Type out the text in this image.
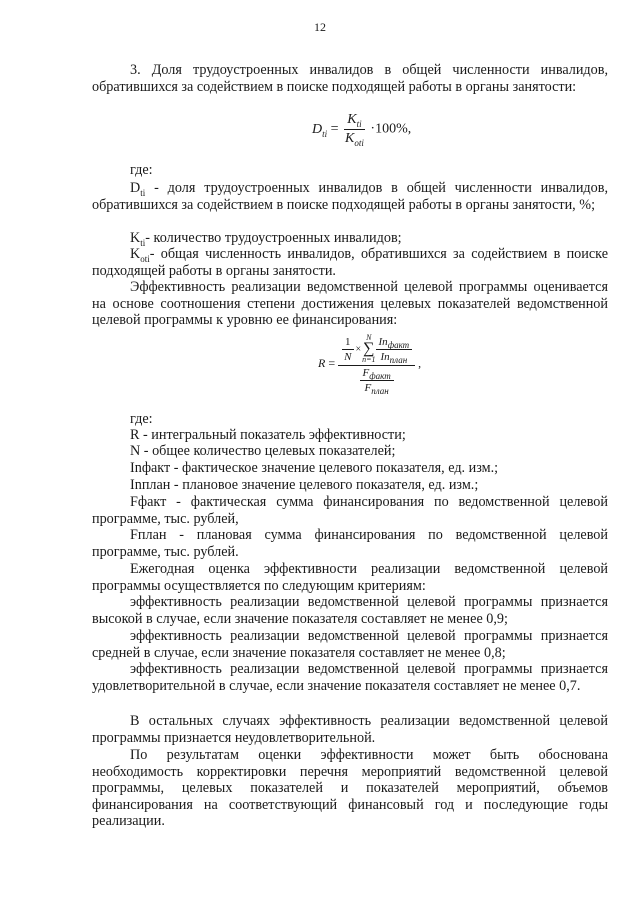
12

3. Доля трудоустроенных инвалидов в общей численности инвалидов, обратившихся за содействием в поиске подходящей работы в органы занятости:

$D_{ti} = \frac{K_{ti}}{K_{oti}} \cdot 100\%$,
где:

$D_{ti}$ - доля трудоустроенных инвалидов в общей численности инвалидов, обратившихся за содействием в поиске подходящей работы в органы занятости, %;

$K_{ti}-$ количество трудоустроенных инвалидов;

$K_{oti}-$ общая численность инвалидов, обратившихся за содействием в поиске подходящей работы в органы занятости.

Эффективность реализации ведомственной целевой программы оценивается на основе соотношения степени достижения целевых показателей ведомственной целевой программы к уровню ее финансирования:

R =
$\frac{1}{N}$ ×
N
∑
$n=1 \frac{In_{факт}}{In_{план}}$
$\frac{F_{факт}}{F_{план}}$
,
где:
R - интегральный показатель эффективности;
N - общее количество целевых показателей;
Inфакт - фактическое значение целевого показателя, ед. изм.;
Inплан - плановое значение целевого показателя, ед. изм.;

Fфакт - фактическая сумма финансирования по ведомственной целевой программе, тыс. рублей,

Fплан - плановая сумма финансирования по ведомственной целевой программе, тыс. рублей.

Ежегодная оценка эффективности реализации ведомственной целевой программы осуществляется по следующим критериям:

эффективность реализации ведомственной целевой программы признается высокой в случае, если значение показателя составляет не менее 0,9;

эффективность реализации ведомственной целевой программы признается средней в случае, если значение показателя составляет не менее 0,8;

эффективность реализации ведомственной целевой программы признается удовлетворительной в случае, если значение показателя составляет не менее 0,7.

В остальных случаях эффективность реализации ведомственной целевой программы признается неудовлетворительной.

По результатам оценки эффективности может быть обоснована необходимость корректировки перечня мероприятий ведомственной целевой программы, целевых показателей и показателей мероприятий, объемов финансирования на соответствующий финансовый год и последующие годы реализации.
